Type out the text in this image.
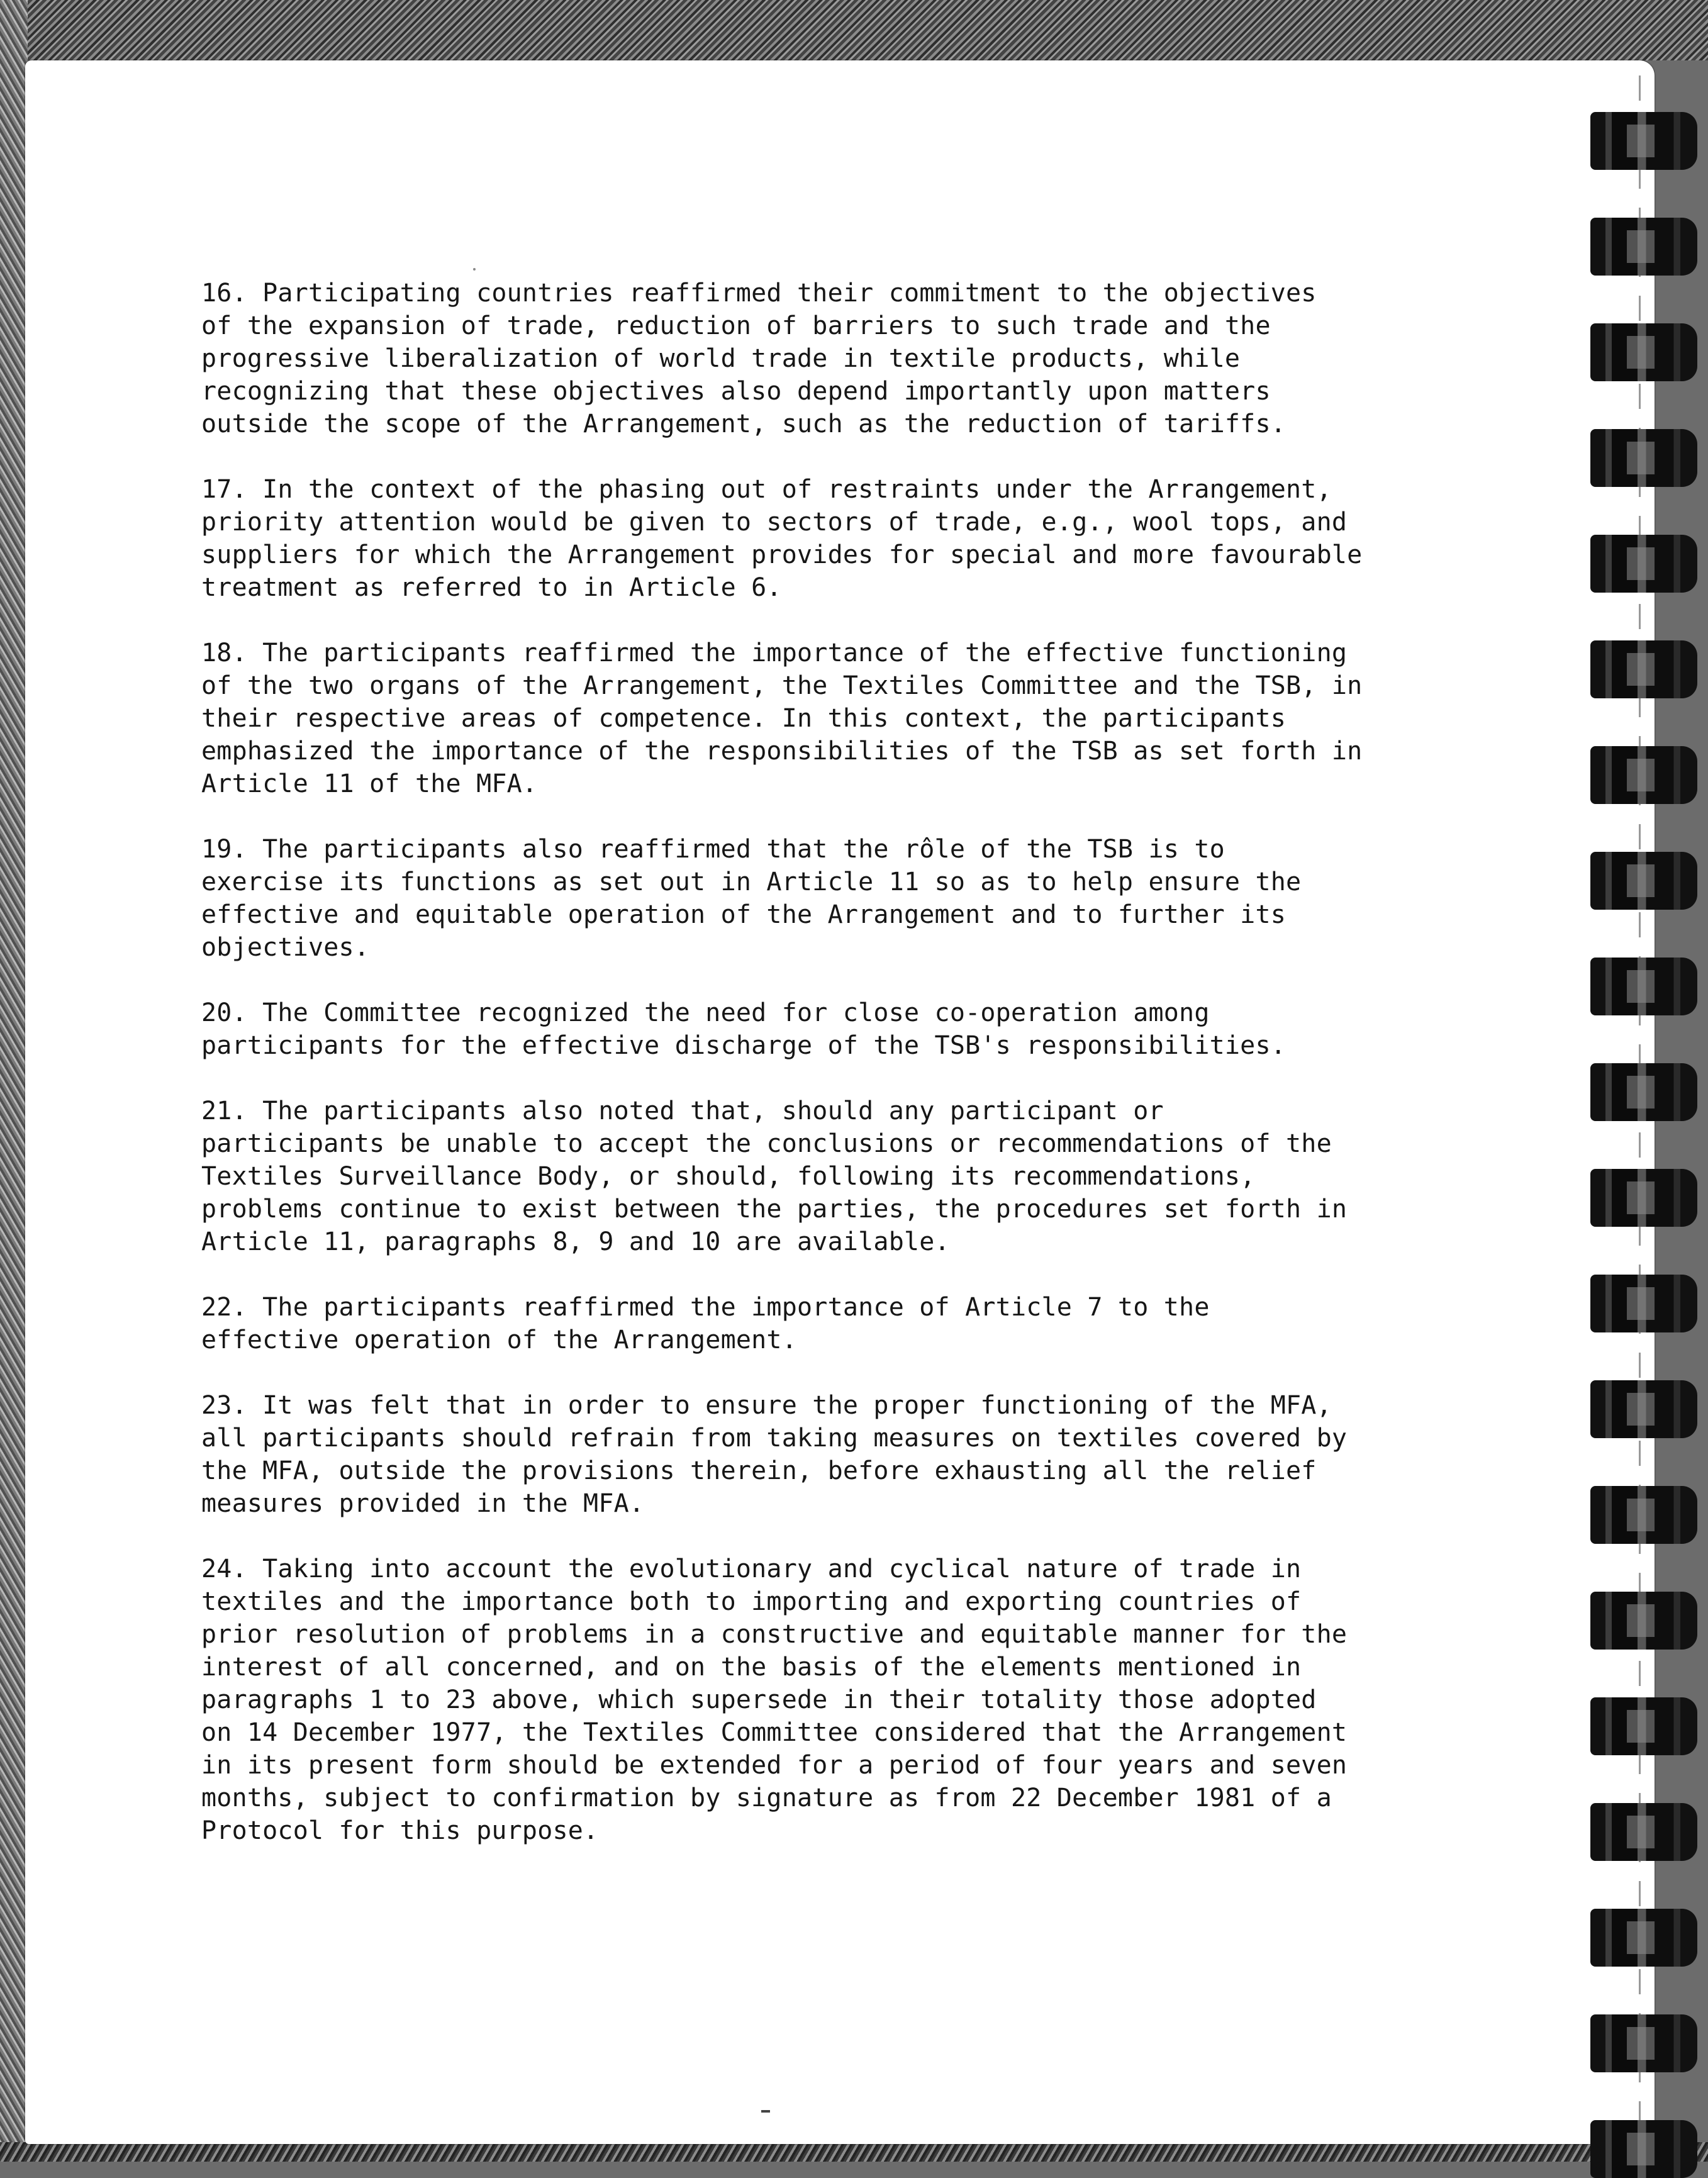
16. Participating countries reaffirmed their commitment to the objectives
of the expansion of trade, reduction of barriers to such trade and the
progressive liberalization of world trade in textile products, while
recognizing that these objectives also depend importantly upon matters
outside the scope of the Arrangement, such as the reduction of tariffs.

17. In the context of the phasing out of restraints under the Arrangement,
priority attention would be given to sectors of trade, e.g., wool tops, and
suppliers for which the Arrangement provides for special and more favourable
treatment as referred to in Article 6.

18. The participants reaffirmed the importance of the effective functioning
of the two organs of the Arrangement, the Textiles Committee and the TSB, in
their respective areas of competence. In this context, the participants
emphasized the importance of the responsibilities of the TSB as set forth in
Article 11 of the MFA.

19. The participants also reaffirmed that the rôle of the TSB is to
exercise its functions as set out in Article 11 so as to help ensure the
effective and equitable operation of the Arrangement and to further its
objectives.

20. The Committee recognized the need for close co-operation among
participants for the effective discharge of the TSB's responsibilities.

21. The participants also noted that, should any participant or
participants be unable to accept the conclusions or recommendations of the
Textiles Surveillance Body, or should, following its recommendations,
problems continue to exist between the parties, the procedures set forth in
Article 11, paragraphs 8, 9 and 10 are available.

22. The participants reaffirmed the importance of Article 7 to the
effective operation of the Arrangement.

23. It was felt that in order to ensure the proper functioning of the MFA,
all participants should refrain from taking measures on textiles covered by
the MFA, outside the provisions therein, before exhausting all the relief
measures provided in the MFA.

24. Taking into account the evolutionary and cyclical nature of trade in
textiles and the importance both to importing and exporting countries of
prior resolution of problems in a constructive and equitable manner for the
interest of all concerned, and on the basis of the elements mentioned in
paragraphs 1 to 23 above, which supersede in their totality those adopted
on 14 December 1977, the Textiles Committee considered that the Arrangement
in its present form should be extended for a period of four years and seven
months, subject to confirmation by signature as from 22 December 1981 of a
Protocol for this purpose.
